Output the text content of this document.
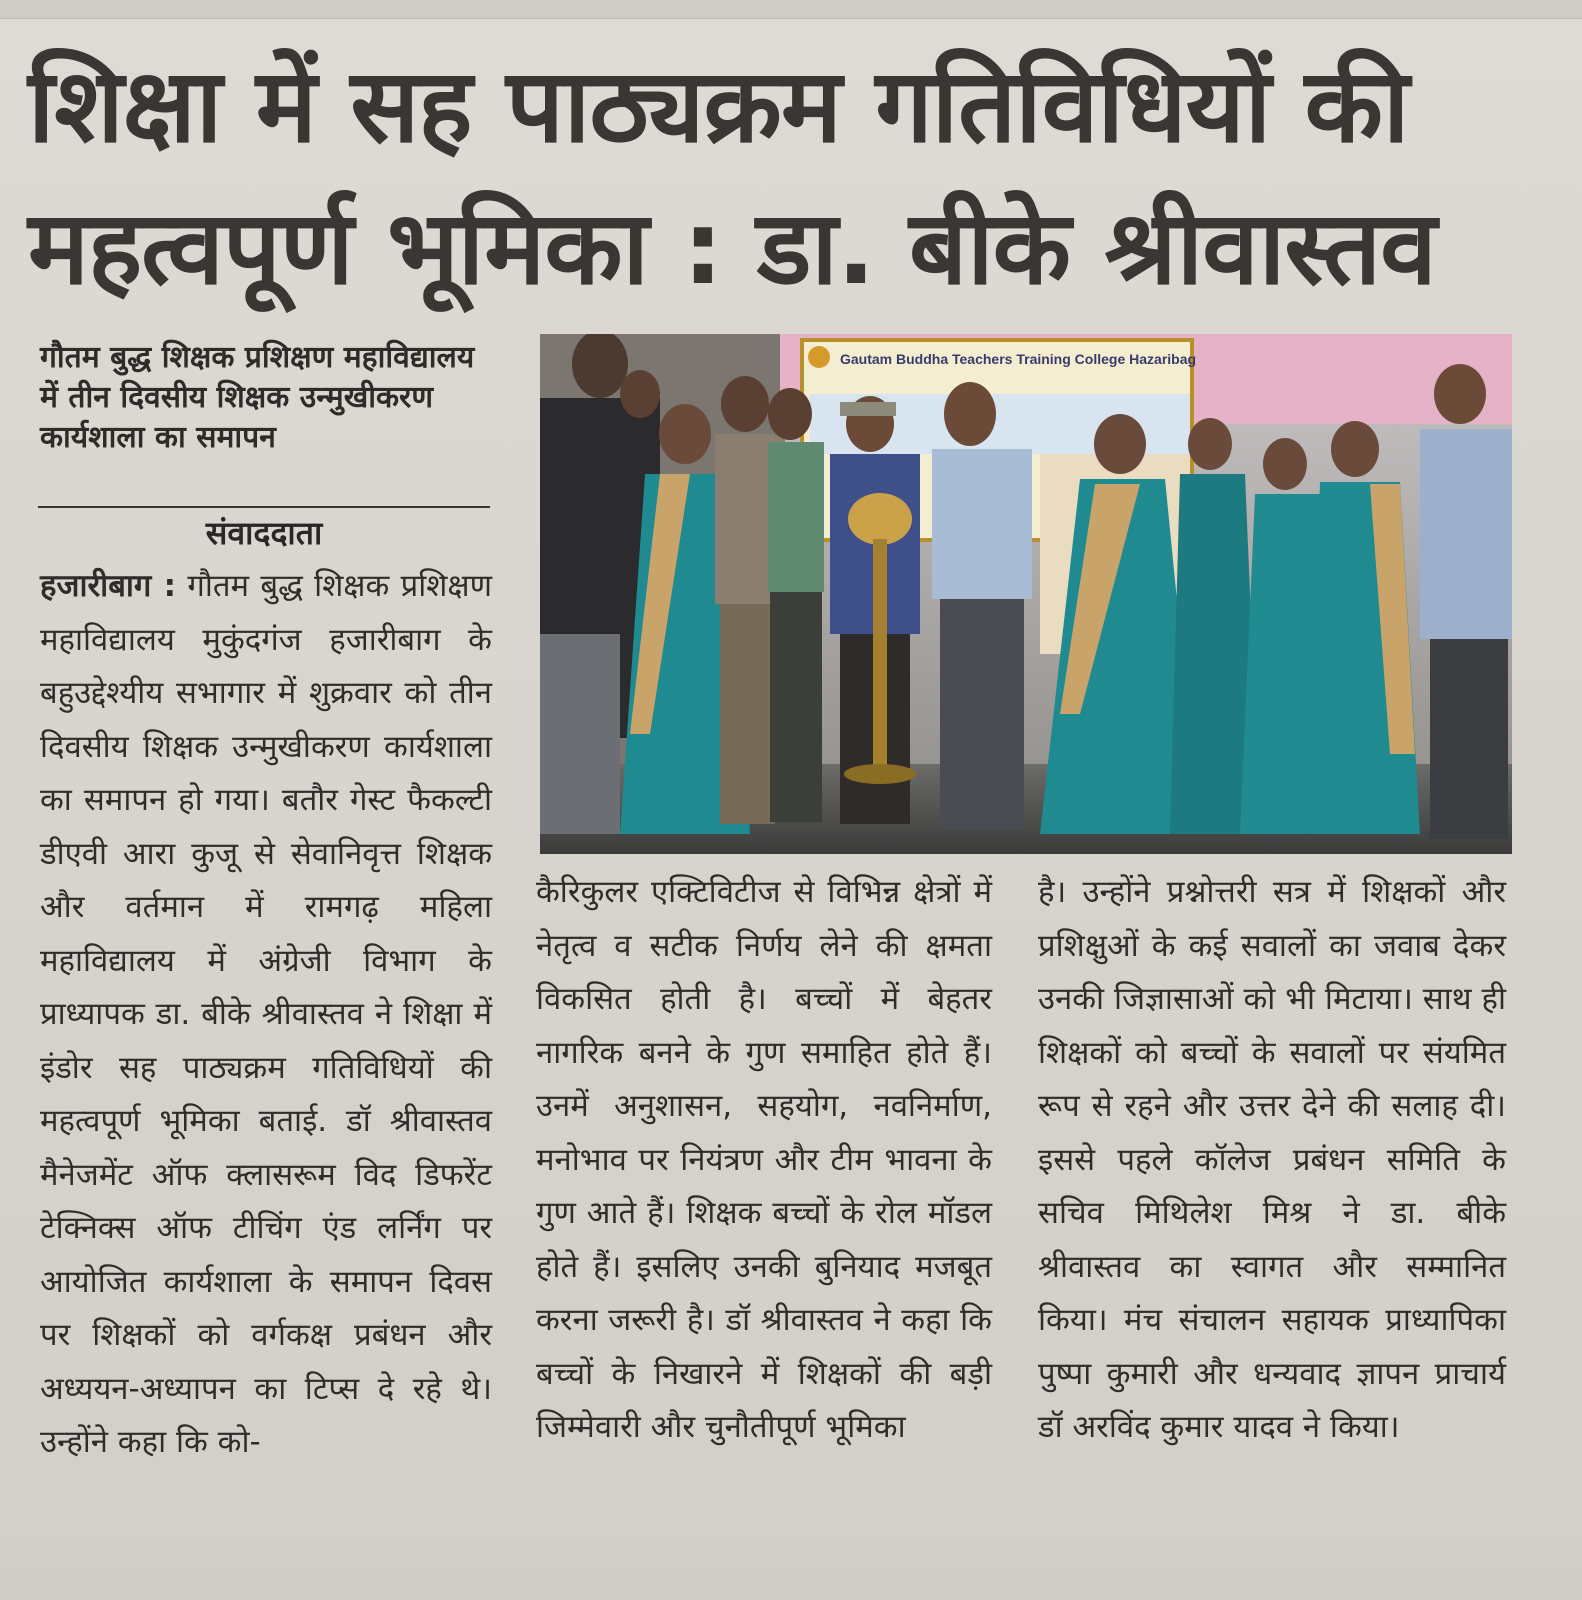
शिक्षा में सह पाठ्यक्रम गतिविधियों की
महत्वपूर्ण भूमिका : डा. बीके श्रीवास्तव
गौतम बुद्ध शिक्षक प्रशिक्षण महाविद्यालय में तीन दिवसीय शिक्षक उन्मुखीकरण कार्यशाला का समापन
संवाददाता

हजारीबाग : गौतम बुद्ध शिक्षक प्रशिक्षण महाविद्यालय मुकुंदगंज हजारीबाग के बहुउद्देश्यीय सभागार में शुक्रवार को तीन दिवसीय शिक्षक उन्मुखीकरण कार्यशाला का समापन हो गया। बतौर गेस्ट फैकल्टी डीएवी आरा कुजू से सेवानिवृत्त शिक्षक और वर्तमान में रामगढ़ महिला महाविद्यालय में अंग्रेजी विभाग के प्राध्यापक डा. बीके श्रीवास्तव ने शिक्षा में इंडोर सह पाठ्यक्रम गतिविधियों की महत्वपूर्ण भूमिका बताई. डॉ श्रीवास्तव मैनेजमेंट ऑफ क्लासरूम विद डिफरेंट टेक्निक्स ऑफ टीचिंग एंड लर्निंग पर आयोजित कार्यशाला के समापन दिवस पर शिक्षकों को वर्गकक्ष प्रबंधन और अध्ययन-अध्यापन का टिप्स दे रहे थे। उन्होंने कहा कि को-

Gautam Buddha Teachers Training College Hazaribag

कैरिकुलर एक्टिविटीज से विभिन्न क्षेत्रों में नेतृत्व व सटीक निर्णय लेने की क्षमता विकसित होती है। बच्चों में बेहतर नागरिक बनने के गुण समाहित होते हैं। उनमें अनुशासन, सहयोग, नवनिर्माण, मनोभाव पर नियंत्रण और टीम भावना के गुण आते हैं। शिक्षक बच्चों के रोल मॉडल होते हैं। इसलिए उनकी बुनियाद मजबूत करना जरूरी है। डॉ श्रीवास्तव ने कहा कि बच्चों के निखारने में शिक्षकों की बड़ी जिम्मेवारी और चुनौतीपूर्ण भूमिका

है। उन्होंने प्रश्नोत्तरी सत्र में शिक्षकों और प्रशिक्षुओं के कई सवालों का जवाब देकर उनकी जिज्ञासाओं को भी मिटाया। साथ ही शिक्षकों को बच्चों के सवालों पर संयमित रूप से रहने और उत्तर देने की सलाह दी। इससे पहले कॉलेज प्रबंधन समिति के सचिव मिथिलेश मिश्र ने डा. बीके श्रीवास्तव का स्वागत और सम्मानित किया। मंच संचालन सहायक प्राध्यापिका पुष्पा कुमारी और धन्यवाद ज्ञापन प्राचार्य डॉ अरविंद कुमार यादव ने किया।
